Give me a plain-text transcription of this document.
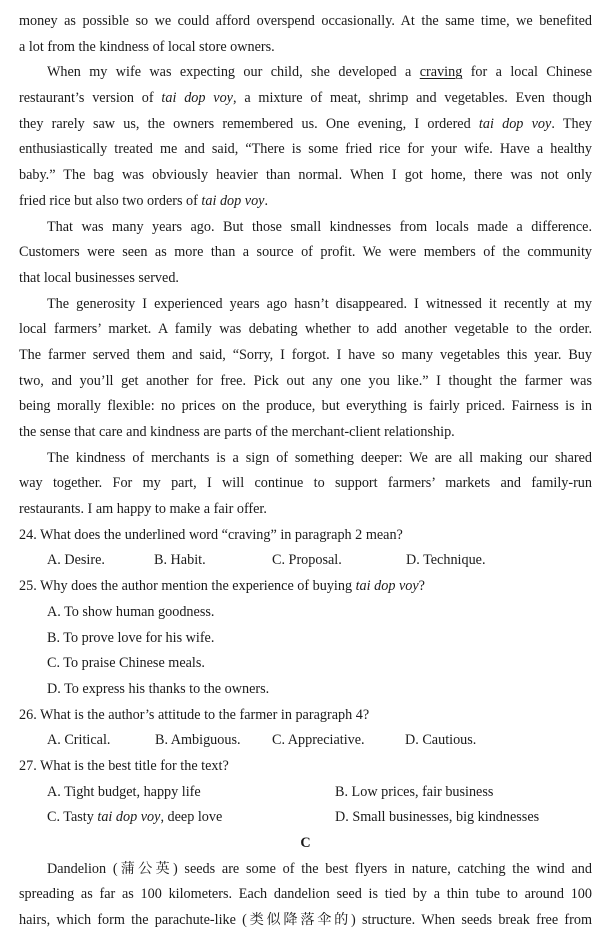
money as possible so we could afford overspend occasionally. At the same time, we benefited
a lot from the kindness of local store owners.
When my wife was expecting our child, she developed a craving for a local Chinese
restaurant’s version of tai dop voy, a mixture of meat, shrimp and vegetables. Even though
they rarely saw us, the owners remembered us. One evening, I ordered tai dop voy. They
enthusiastically treated me and said, “There is some fried rice for your wife. Have a healthy
baby.” The bag was obviously heavier than normal. When I got home, there was not only
fried rice but also two orders of tai dop voy.
That was many years ago. But those small kindnesses from locals made a difference.
Customers were seen as more than a source of profit. We were members of the community
that local businesses served.
The generosity I experienced years ago hasn’t disappeared. I witnessed it recently at my
local farmers’ market. A family was debating whether to add another vegetable to the order.
The farmer served them and said, “Sorry, I forgot. I have so many vegetables this year. Buy
two, and you’ll get another for free. Pick out any one you like.” I thought the farmer was
being morally flexible: no prices on the produce, but everything is fairly priced. Fairness is in
the sense that care and kindness are parts of the merchant-client relationship.
The kindness of merchants is a sign of something deeper: We are all making our shared
way together. For my part, I will continue to support farmers’ markets and family-run
restaurants. I am happy to make a fair offer.
24. What does the underlined word “craving” in paragraph 2 mean?
A. Desire.	B. Habit.	C. Proposal.	D. Technique.
25. Why does the author mention the experience of buying tai dop voy?
A. To show human goodness.
B. To prove love for his wife.
C. To praise Chinese meals.
D. To express his thanks to the owners.
26. What is the author’s attitude to the farmer in paragraph 4?
A. Critical.	B. Ambiguous.	C. Appreciative.	D. Cautious.
27. What is the best title for the text?
A. Tight budget, happy life	B. Low prices, fair business
C. Tasty tai dop voy, deep love	D. Small businesses, big kindnesses
C
Dandelion (蒲公英) seeds are some of the best flyers in nature, catching the wind and
spreading as far as 100 kilometers. Each dandelion seed is tied by a thin tube to around 100
hairs, which form the parachute-like (类似降落伞的) structure. When seeds break free from
